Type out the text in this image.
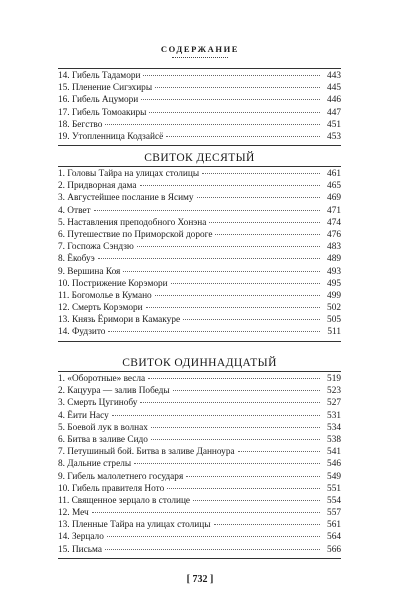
СОДЕРЖАНИЕ
14. Гибель Тадамори	443
15. Пленение Сигэхиры	445
16. Гибель Ацумори	446
17. Гибель Томоакиры	447
18. Бегство	451
19. Утопленница Кодзайсё	453
СВИТОК ДЕСЯТЫЙ
1. Головы Тайра на улицах столицы	461
2. Придворная дама	465
3. Августейшее послание в Ясиму	469
4. Ответ	471
5. Наставления преподобного Хонэна	474
6. Путешествие по Приморской дороге	476
7. Госпожа Сэндзю	483
8. Ёкобуэ	489
9. Вершина Коя	493
10. Пострижение Корэмори	495
11. Богомолье в Кумано	499
12. Смерть Корэмори	502
13. Князь Ёримори в Камакуре	505
14. Фудзито	511
СВИТОК ОДИННАДЦАТЫЙ
1. «Оборотные» весла	519
2. Кацуура — залив Победы	523
3. Смерть Цугинобу	527
4. Ёити Насу	531
5. Боевой лук в волнах	534
6. Битва в заливе Сидо	538
7. Петушиный бой. Битва в заливе Данноура	541
8. Дальние стрелы	546
9. Гибель малолетнего государя	549
10. Гибель правителя Ното	551
11. Священное зерцало в столице	554
12. Меч	557
13. Пленные Тайра на улицах столицы	561
14. Зерцало	564
15. Письма	566
[ 732 ]
